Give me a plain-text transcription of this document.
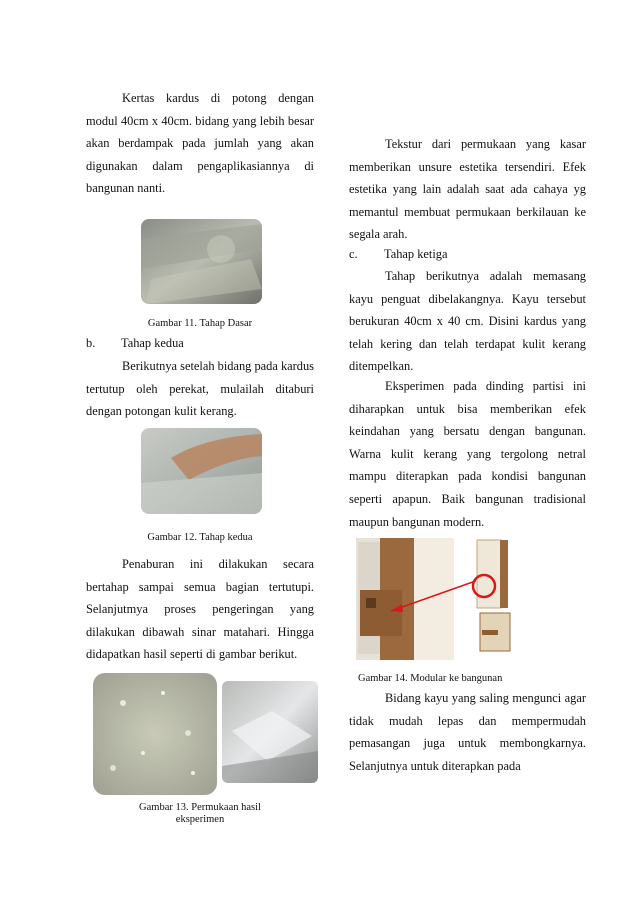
Kertas kardus di potong dengan modul 40cm x 40cm. bidang yang lebih besar akan berdampak pada jumlah yang akan digunakan dalam pengaplikasiannya di bangunan nanti.

Gambar 11. Tahap Dasar
b. Tahap kedua

Berikutnya setelah bidang pada kardus tertutup oleh perekat, mulailah ditaburi dengan potongan kulit kerang.

Gambar 12. Tahap kedua

Penaburan ini dilakukan secara bertahap sampai semua bagian tertutupi. Selanjutmya proses pengeringan yang dilakukan dibawah sinar matahari. Hingga didapatkan hasil seperti di gambar berikut.

Gambar 13. Permukaan hasil eksperimen

Tekstur dari permukaan yang kasar memberikan unsure estetika tersendiri. Efek estetika yang lain adalah saat ada cahaya yg memantul membuat permukaan berkilauan ke segala arah.

c. Tahap ketiga

Tahap berikutnya adalah memasang kayu penguat dibelakangnya. Kayu tersebut berukuran 40cm x 40 cm. Disini kardus yang telah kering dan telah terdapat kulit kerang ditempelkan.

Eksperimen pada dinding partisi ini diharapkan untuk bisa memberikan efek keindahan yang bersatu dengan bangunan. Warna kulit kerang yang tergolong netral mampu diterapkan pada kondisi bangunan seperti apapun. Baik bangunan tradisional maupun bangunan modern.

Gambar 14. Modular ke bangunan

Bidang kayu yang saling mengunci agar tidak mudah lepas dan mempermudah pemasangan juga untuk membongkarnya. Selanjutnya untuk diterapkan pada
